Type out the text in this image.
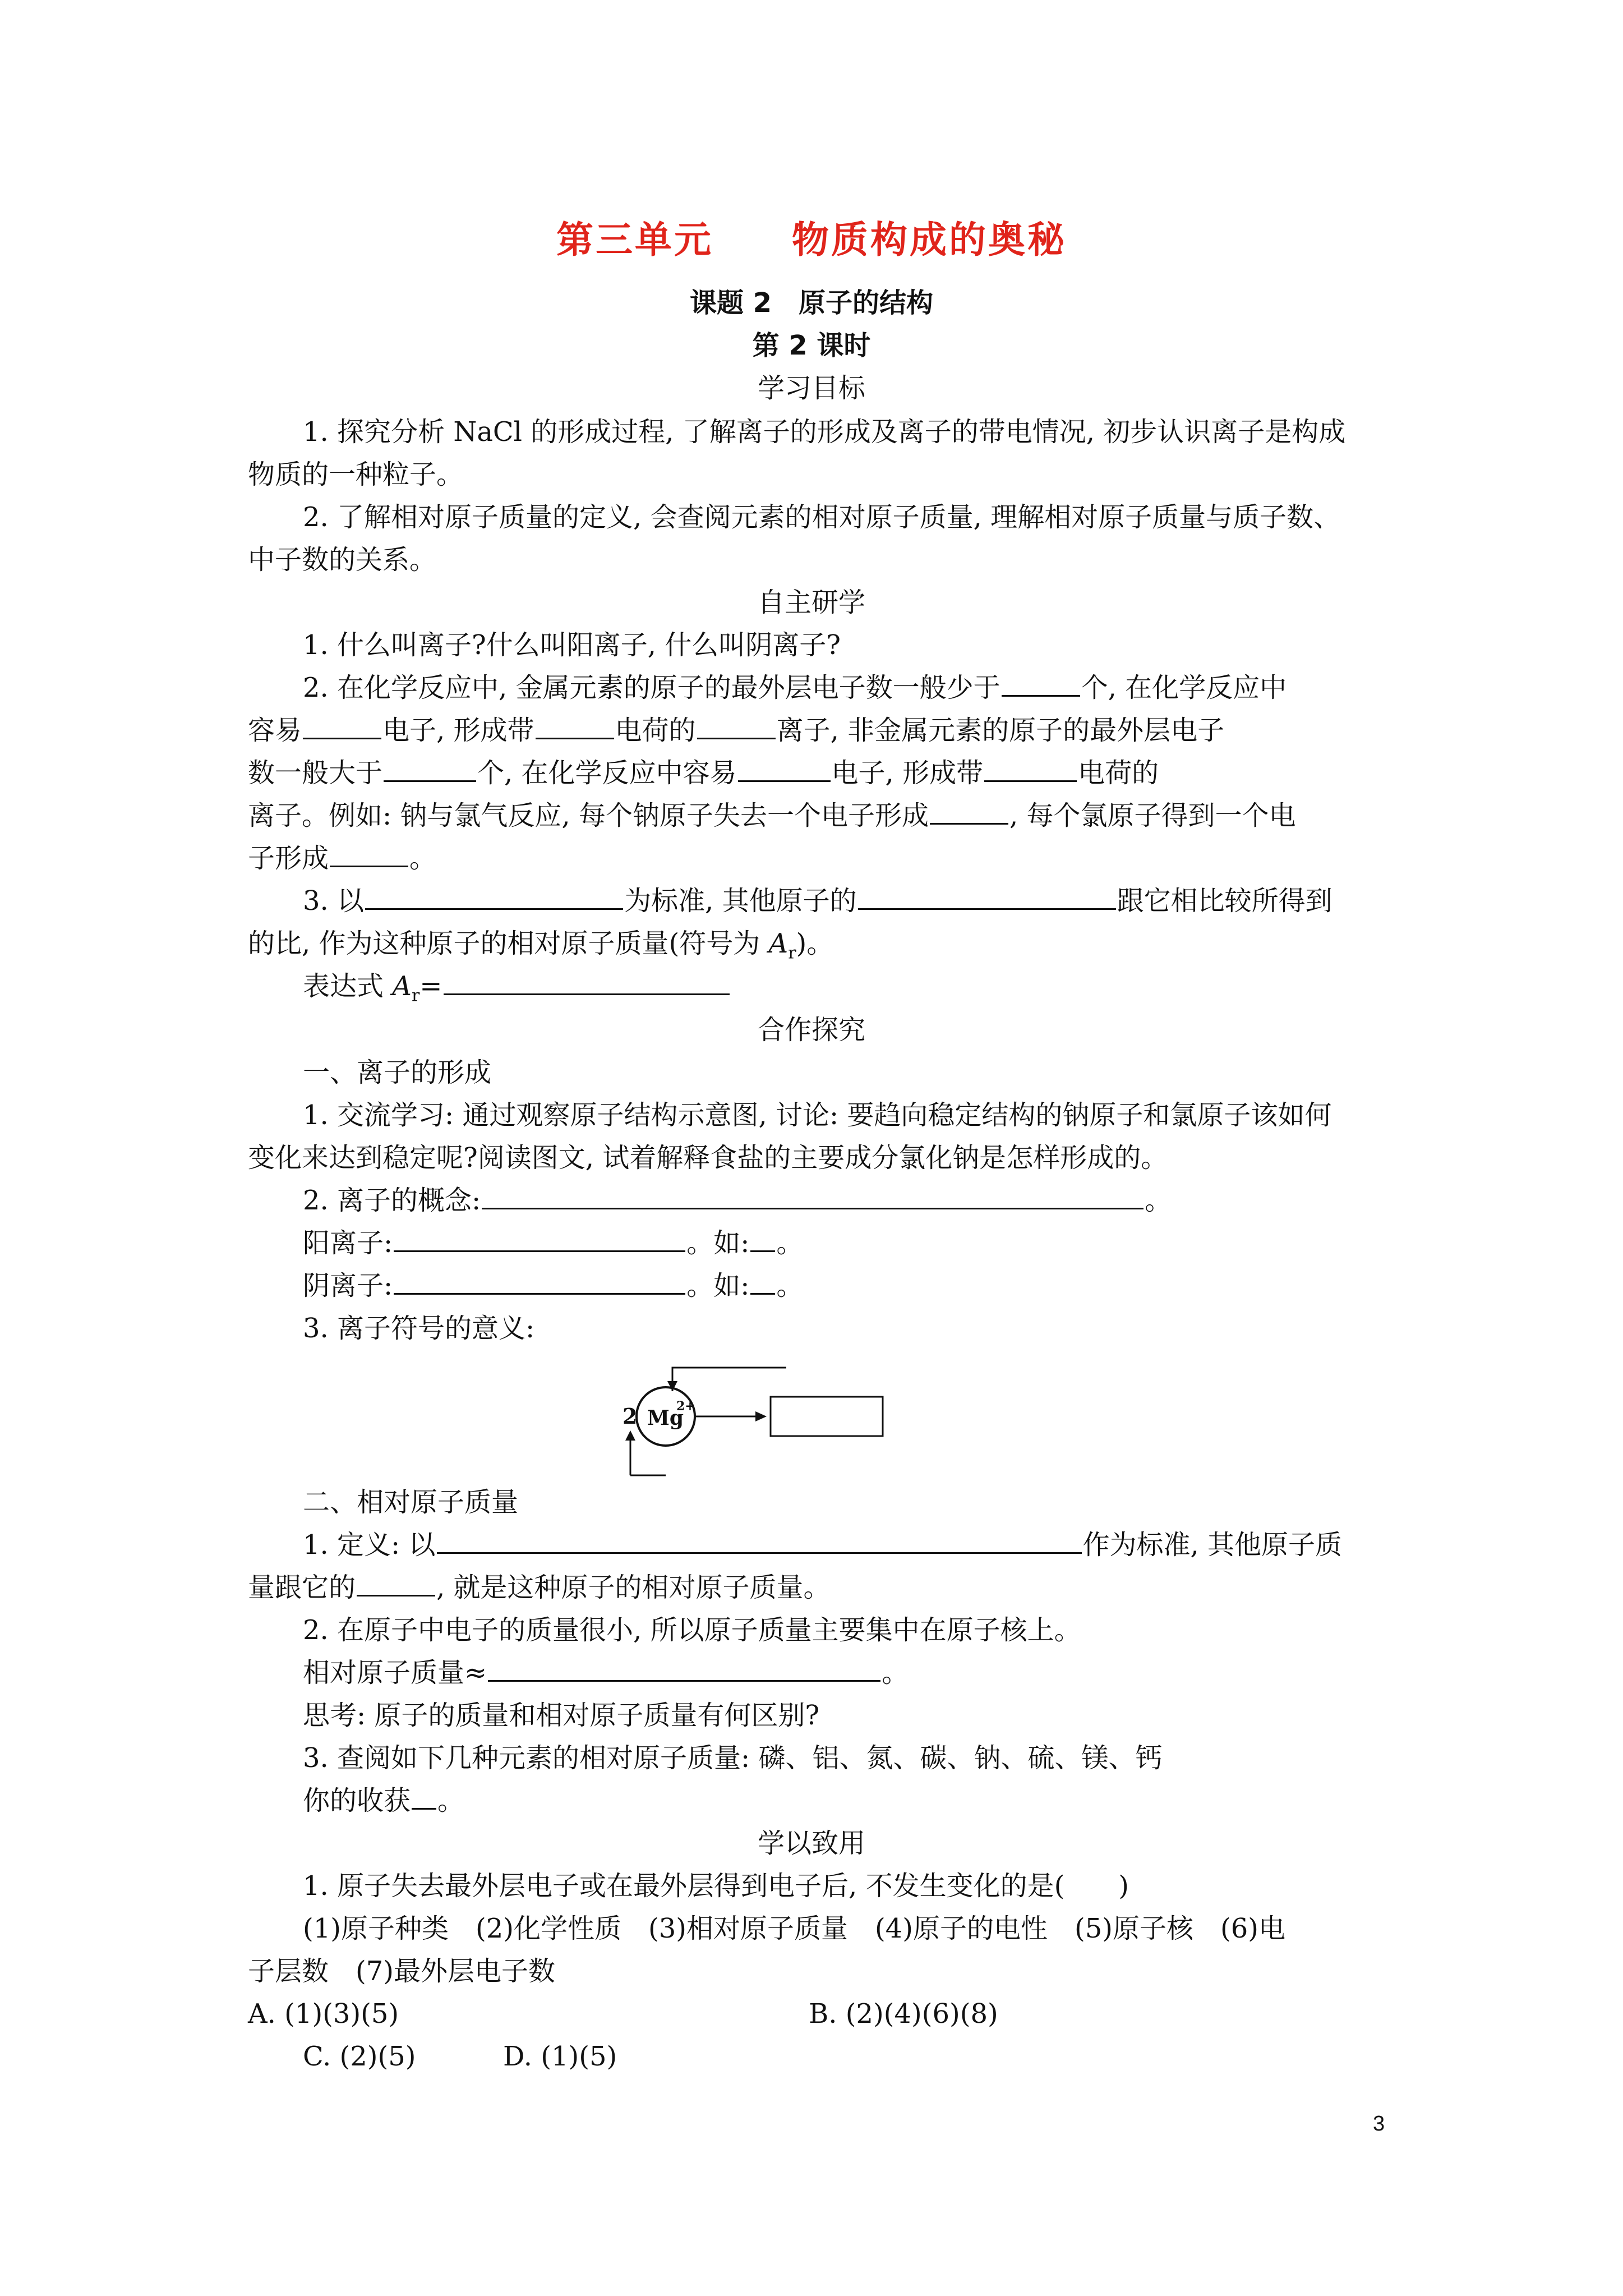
第三单元　　物质构成的奥秘
课题 2　原子的结构
第 2 课时
学习目标
1. 探究分析 NaCl 的形成过程, 了解离子的形成及离子的带电情况, 初步认识离子是构成
物质的一种粒子。
2. 了解相对原子质量的定义, 会查阅元素的相对原子质量, 理解相对原子质量与质子数、
中子数的关系。
自主研学
1. 什么叫离子?什么叫阳离子, 什么叫阴离子?
2. 在化学反应中, 金属元素的原子的最外层电子数一般少于	个, 在化学反应中
容易	电子, 形成带	电荷的	离子, 非金属元素的原子的最外层电子
数一般大于	个, 在化学反应中容易	电子, 形成带	电荷的
离子。例如: 钠与氯气反应, 每个钠原子失去一个电子形成	, 每个氯原子得到一个电
子形成	。
3. 以	为标准, 其他原子的	跟它相比较所得到
的比, 作为这种原子的相对原子质量(符号为 $A_r$)。
表达式 $A_r=$
合作探究
一、离子的形成
1. 交流学习: 通过观察原子结构示意图, 讨论: 要趋向稳定结构的钠原子和氯原子该如何
变化来达到稳定呢?阅读图文, 试着解释食盐的主要成分氯化钠是怎样形成的。
2. 离子的概念:	。
阳离子:	。如: 。
阴离子:	。如: 。
3. 离子符号的意义:
2 Mg
2+
二、相对原子质量
1. 定义: 以	作为标准, 其他原子质
量跟它的	, 就是这种原子的相对原子质量。
2. 在原子中电子的质量很小, 所以原子质量主要集中在原子核上。
相对原子质量≈	。
思考: 原子的质量和相对原子质量有何区别?
3. 查阅如下几种元素的相对原子质量: 磷、铝、氮、碳、钠、硫、镁、钙
你的收获 。
学以致用
1. 原子失去最外层电子或在最外层得到电子后, 不发生变化的是(　　)
(1)原子种类　(2)化学性质　(3)相对原子质量　(4)原子的电性　(5)原子核　(6)电
子层数　(7)最外层电子数
A. (1)(3)(5)	B. (2)(4)(6)(8)
C. (2)(5)	D. (1)(5)
3
